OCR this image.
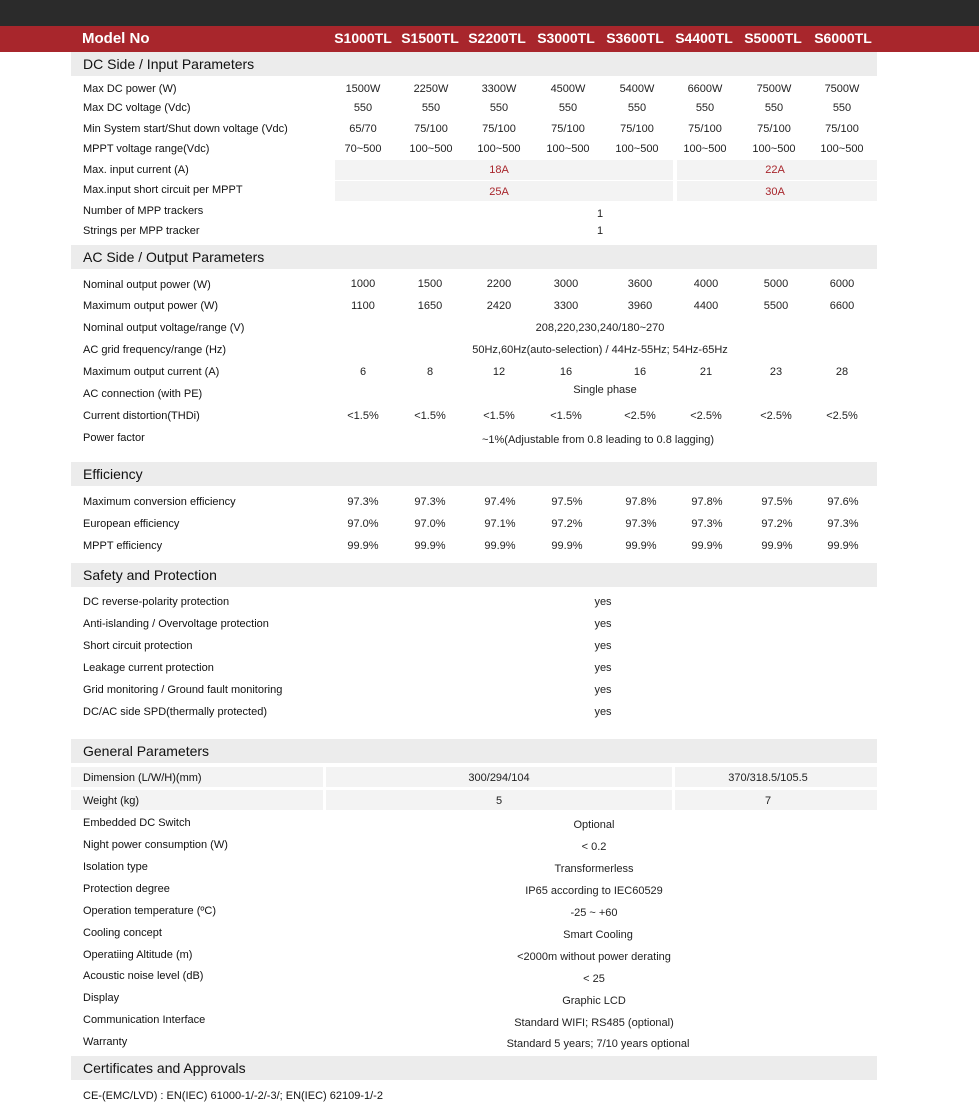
Model No	S1000TL S1500TL S2200TL S3000TL S3600TL S4400TL S5000TL S6000TL
DC Side / Input Parameters
Max DC power (W)	1500W	2250W	3300W	4500W	5400W	6600W	7500W	7500W
Max DC voltage (Vdc)	550	550	550	550	550	550	550	550
Min System start/Shut down voltage (Vdc)	65/70	75/100	75/100	75/100	75/100	75/100	75/100	75/100
MPPT voltage range(Vdc)	70~500	100~500	100~500	100~500	100~500	100~500	100~500	100~500
Max. input current (A)	18A	22A
Max.input short circuit per MPPT	25A	30A
Number of MPP trackers	1
Strings per MPP tracker	1
AC Side / Output Parameters
Nominal output power (W)	1000	1500	2200	3000	3600	4000	5000	6000
Maximum output power (W)	1100	1650	2420	3300	3960	4400	5500	6600
Nominal output voltage/range (V)	208,220,230,240/180~270
AC grid frequency/range (Hz)	50Hz,60Hz(auto-selection) / 44Hz-55Hz; 54Hz-65Hz
Maximum output current (A)	6	8	12	16	16	21	23	28
AC connection (with PE)	Single phase
Current distortion(THDi)	<1.5%	<1.5%	<1.5%	<1.5%	<2.5%	<2.5%	<2.5%	<2.5%
Power factor	~1%(Adjustable from 0.8 leading to 0.8 lagging)
Efficiency
Maximum conversion efficiency	97.3%	97.3%	97.4%	97.5%	97.8%	97.8%	97.5%	97.6%
European efficiency	97.0%	97.0%	97.1%	97.2%	97.3%	97.3%	97.2%	97.3%
MPPT efficiency	99.9%	99.9%	99.9%	99.9%	99.9%	99.9%	99.9%	99.9%
Safety and Protection
DC reverse-polarity protection	yes
Anti-islanding / Overvoltage protection	yes
Short circuit protection	yes
Leakage current protection	yes
Grid monitoring / Ground fault monitoring	yes
DC/AC side SPD(thermally protected)	yes
General Parameters
Dimension (L/W/H)(mm)	300/294/104	370/318.5/105.5
Weight (kg)	5	7
Embedded DC Switch	Optional
Night power consumption (W)	< 0.2
Isolation type	Transformerless
Protection degree	IP65 according to IEC60529
Operation temperature (ºC)	-25 ~ +60
Cooling concept	Smart Cooling
Operatiing Altitude (m)	<2000m without power derating
Acoustic noise level (dB)	< 25
Display	Graphic LCD
Communication Interface	Standard WIFI; RS485 (optional)
Warranty	Standard 5 years; 7/10 years optional
Certificates and Approvals
CE-(EMC/LVD) : EN(IEC) 61000-1/-2/-3/; EN(IEC) 62109-1/-2
